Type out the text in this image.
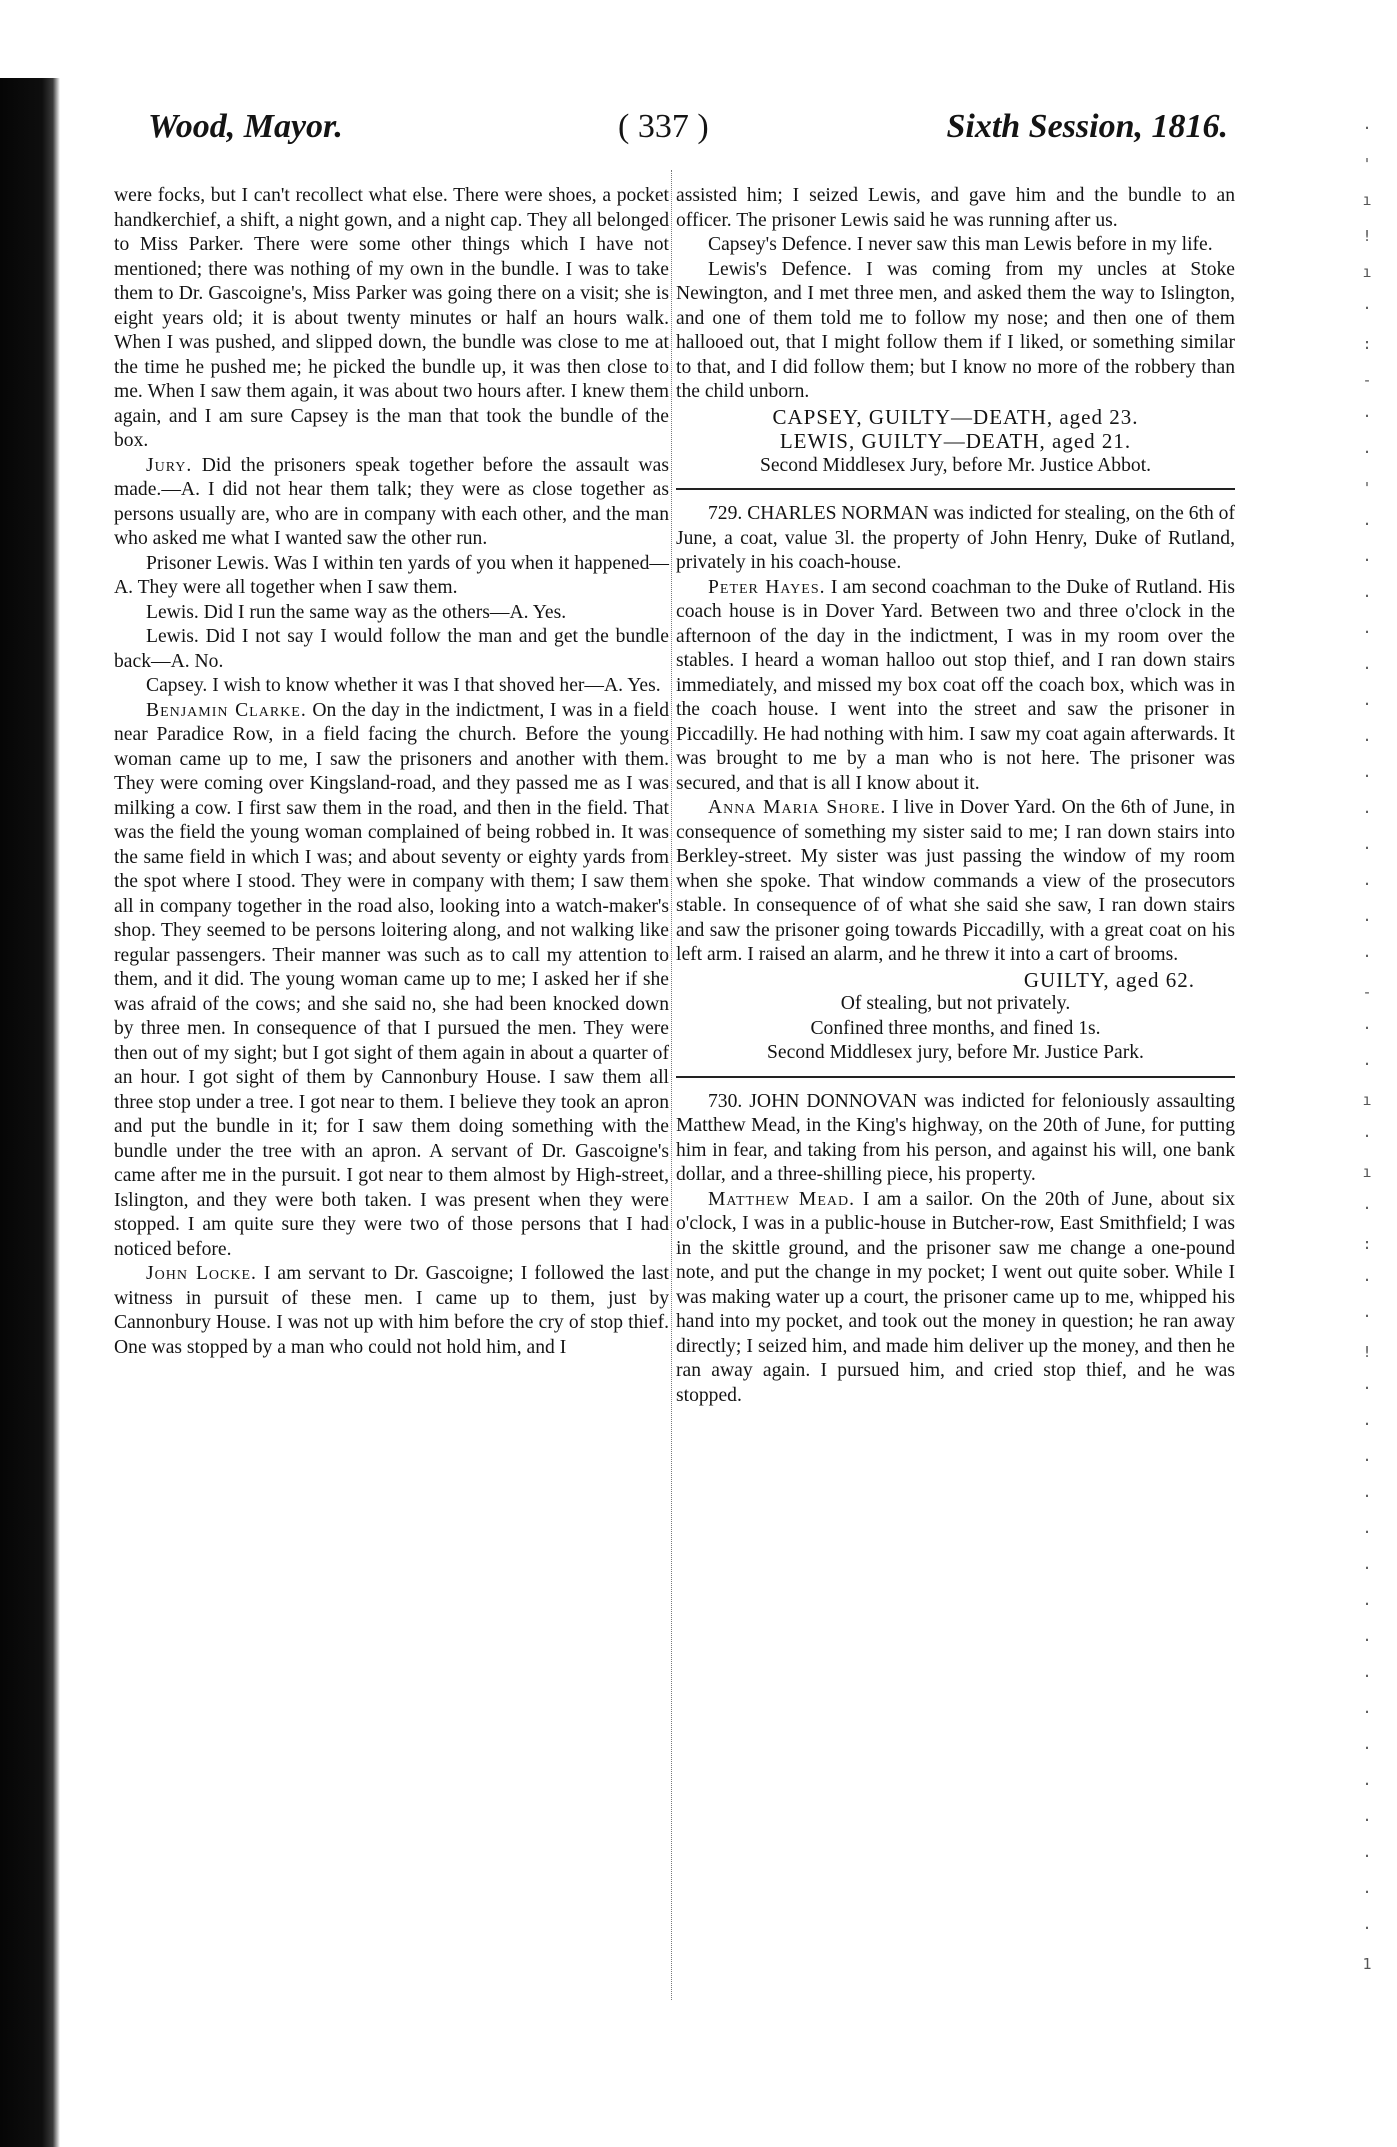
Wood, Mayor.	( 337 )	Sixth Session, 1816.

were focks, but I can't recollect what else. There were shoes, a pocket handkerchief, a shift, a night gown, and a night cap. They all belonged to Miss Parker. There were some other things which I have not mentioned; there was nothing of my own in the bundle. I was to take them to Dr. Gascoigne's, Miss Parker was going there on a visit; she is eight years old; it is about twenty minutes or half an hours walk. When I was pushed, and slipped down, the bundle was close to me at the time he pushed me; he picked the bundle up, it was then close to me. When I saw them again, it was about two hours after. I knew them again, and I am sure Capsey is the man that took the bundle of the box.

Jury. Did the prisoners speak together before the assault was made.—A. I did not hear them talk; they were as close together as persons usually are, who are in company with each other, and the man who asked me what I wanted saw the other run.

Prisoner Lewis. Was I within ten yards of you when it happened—A. They were all together when I saw them.

Lewis. Did I run the same way as the others—A. Yes.

Lewis. Did I not say I would follow the man and get the bundle back—A. No.

Capsey. I wish to know whether it was I that shoved her—A. Yes.

Benjamin Clarke. On the day in the indictment, I was in a field near Paradice Row, in a field facing the church. Before the young woman came up to me, I saw the prisoners and another with them. They were coming over Kingsland-road, and they passed me as I was milking a cow. I first saw them in the road, and then in the field. That was the field the young woman complained of being robbed in. It was the same field in which I was; and about seventy or eighty yards from the spot where I stood. They were in company with them; I saw them all in company together in the road also, looking into a watch-maker's shop. They seemed to be persons loitering along, and not walking like regular passengers. Their manner was such as to call my attention to them, and it did. The young woman came up to me; I asked her if she was afraid of the cows; and she said no, she had been knocked down by three men. In consequence of that I pursued the men. They were then out of my sight; but I got sight of them again in about a quarter of an hour. I got sight of them by Cannonbury House. I saw them all three stop under a tree. I got near to them. I believe they took an apron and put the bundle in it; for I saw them doing something with the bundle under the tree with an apron. A servant of Dr. Gascoigne's came after me in the pursuit. I got near to them almost by High-street, Islington, and they were both taken. I was present when they were stopped. I am quite sure they were two of those persons that I had noticed before.

John Locke. I am servant to Dr. Gascoigne; I followed the last witness in pursuit of these men. I came up to them, just by Cannonbury House. I was not up with him before the cry of stop thief. One was stopped by a man who could not hold him, and I

assisted him; I seized Lewis, and gave him and the bundle to an officer. The prisoner Lewis said he was running after us.

Capsey's Defence. I never saw this man Lewis before in my life.

Lewis's Defence. I was coming from my uncles at Stoke Newington, and I met three men, and asked them the way to Islington, and one of them told me to follow my nose; and then one of them hallooed out, that I might follow them if I liked, or something similar to that, and I did follow them; but I know no more of the robbery than the child unborn.

CAPSEY, GUILTY—DEATH, aged 23.

LEWIS, GUILTY—DEATH, aged 21.

Second Middlesex Jury, before Mr. Justice Abbot.

729. CHARLES NORMAN was indicted for stealing, on the 6th of June, a coat, value 3l. the property of John Henry, Duke of Rutland, privately in his coach-house.

Peter Hayes. I am second coachman to the Duke of Rutland. His coach house is in Dover Yard. Between two and three o'clock in the afternoon of the day in the indictment, I was in my room over the stables. I heard a woman halloo out stop thief, and I ran down stairs immediately, and missed my box coat off the coach box, which was in the coach house. I went into the street and saw the prisoner in Piccadilly. He had nothing with him. I saw my coat again afterwards. It was brought to me by a man who is not here. The prisoner was secured, and that is all I know about it.

Anna Maria Shore. I live in Dover Yard. On the 6th of June, in consequence of something my sister said to me; I ran down stairs into Berkley-street. My sister was just passing the window of my room when she spoke. That window commands a view of the prosecutors stable. In consequence of of what she said she saw, I ran down stairs and saw the prisoner going towards Piccadilly, with a great coat on his left arm. I raised an alarm, and he threw it into a cart of brooms.

GUILTY, aged 62.

Of stealing, but not privately.

Confined three months, and fined 1s.

Second Middlesex jury, before Mr. Justice Park.

730. JOHN DONNOVAN was indicted for feloniously assaulting Matthew Mead, in the King's highway, on the 20th of June, for putting him in fear, and taking from his person, and against his will, one bank dollar, and a three-shilling piece, his property.

Matthew Mead. I am a sailor. On the 20th of June, about six o'clock, I was in a public-house in Butcher-row, East Smithfield; I was in the skittle ground, and the prisoner saw me change a one-pound note, and put the change in my pocket; I went out quite sober. While I was making water up a court, the prisoner came up to me, whipped his hand into my pocket, and took out the money in question; he ran away directly; I seized him, and made him deliver up the money, and then he ran away again. I pursued him, and cried stop thief, and he was stopped.

·
'
ı
!
ı
·
:
-
·
·
'
·
·
·
·
·
·
·
·
·
·
·
·
·
-
·
·
ı
·
ı
·
:
·
·
!
·
·
·
·
·
·
·
·
·
·
·
·
·
·
·
·
1
